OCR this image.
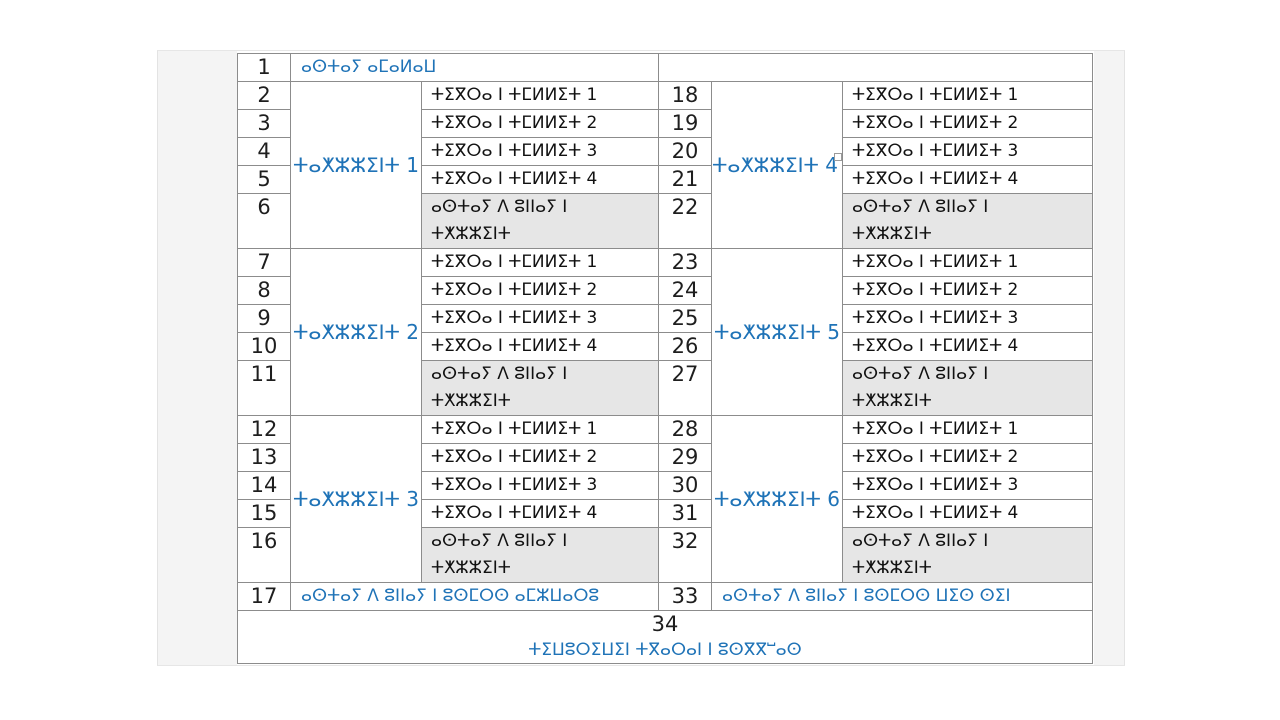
1	ⴰⵙⵜⴰⵢ ⴰⵎⴰⵍⴰⵡ				
2	ⵜⴰⵅⵣⵣⵉⵏⵜ 1	ⵜⵉⴳⵔⴰ ⵏ ⵜⵎⵍⵍⵉⵜ 1	18	ⵜⴰⵅⵣⵣⵉⵏⵜ 4	ⵜⵉⴳⵔⴰ ⵏ ⵜⵎⵍⵍⵉⵜ 1
3		ⵜⵉⴳⵔⴰ ⵏ ⵜⵎⵍⵍⵉⵜ 2	19		ⵜⵉⴳⵔⴰ ⵏ ⵜⵎⵍⵍⵉⵜ 2
4		ⵜⵉⴳⵔⴰ ⵏ ⵜⵎⵍⵍⵉⵜ 3	20		ⵜⵉⴳⵔⴰ ⵏ ⵜⵎⵍⵍⵉⵜ 3
5		ⵜⵉⴳⵔⴰ ⵏ ⵜⵎⵍⵍⵉⵜ 4	21		ⵜⵉⴳⵔⴰ ⵏ ⵜⵎⵍⵍⵉⵜ 4
6		ⴰⵙⵜⴰⵢ ⴷ ⵓⵏⵏⴰⵢ ⵏ
ⵜⵅⵣⵣⵉⵏⵜ	22		ⴰⵙⵜⴰⵢ ⴷ ⵓⵏⵏⴰⵢ ⵏ
ⵜⵅⵣⵣⵉⵏⵜ
7	ⵜⴰⵅⵣⵣⵉⵏⵜ 2	ⵜⵉⴳⵔⴰ ⵏ ⵜⵎⵍⵍⵉⵜ 1	23	ⵜⴰⵅⵣⵣⵉⵏⵜ 5	ⵜⵉⴳⵔⴰ ⵏ ⵜⵎⵍⵍⵉⵜ 1
8		ⵜⵉⴳⵔⴰ ⵏ ⵜⵎⵍⵍⵉⵜ 2	24		ⵜⵉⴳⵔⴰ ⵏ ⵜⵎⵍⵍⵉⵜ 2
9		ⵜⵉⴳⵔⴰ ⵏ ⵜⵎⵍⵍⵉⵜ 3	25		ⵜⵉⴳⵔⴰ ⵏ ⵜⵎⵍⵍⵉⵜ 3
10		ⵜⵉⴳⵔⴰ ⵏ ⵜⵎⵍⵍⵉⵜ 4	26		ⵜⵉⴳⵔⴰ ⵏ ⵜⵎⵍⵍⵉⵜ 4
11		ⴰⵙⵜⴰⵢ ⴷ ⵓⵏⵏⴰⵢ ⵏ
ⵜⵅⵣⵣⵉⵏⵜ	27		ⴰⵙⵜⴰⵢ ⴷ ⵓⵏⵏⴰⵢ ⵏ
ⵜⵅⵣⵣⵉⵏⵜ
12	ⵜⴰⵅⵣⵣⵉⵏⵜ 3	ⵜⵉⴳⵔⴰ ⵏ ⵜⵎⵍⵍⵉⵜ 1	28	ⵜⴰⵅⵣⵣⵉⵏⵜ 6	ⵜⵉⴳⵔⴰ ⵏ ⵜⵎⵍⵍⵉⵜ 1
13		ⵜⵉⴳⵔⴰ ⵏ ⵜⵎⵍⵍⵉⵜ 2	29		ⵜⵉⴳⵔⴰ ⵏ ⵜⵎⵍⵍⵉⵜ 2
14		ⵜⵉⴳⵔⴰ ⵏ ⵜⵎⵍⵍⵉⵜ 3	30		ⵜⵉⴳⵔⴰ ⵏ ⵜⵎⵍⵍⵉⵜ 3
15		ⵜⵉⴳⵔⴰ ⵏ ⵜⵎⵍⵍⵉⵜ 4	31		ⵜⵉⴳⵔⴰ ⵏ ⵜⵎⵍⵍⵉⵜ 4
16		ⴰⵙⵜⴰⵢ ⴷ ⵓⵏⵏⴰⵢ ⵏ
ⵜⵅⵣⵣⵉⵏⵜ	32		ⴰⵙⵜⴰⵢ ⴷ ⵓⵏⵏⴰⵢ ⵏ
ⵜⵅⵣⵣⵉⵏⵜ
17	ⴰⵙⵜⴰⵢ ⴷ ⵓⵏⵏⴰⵢ ⵏ ⵓⵙⵎⵔⵙ ⴰⵎⵣⵡⴰⵔⵓ		33	ⴰⵙⵜⴰⵢ ⴷ ⵓⵏⵏⴰⵢ ⵏ ⵓⵙⵎⵔⵙ ⵡⵉⵙ ⵙⵉⵏ	

34
ⵜⵉⵡⵓⵔⵉⵡⵉⵏ ⵜⴳⴰⵔⴰⵏ ⵏ ⵓⵙⴳⴳⵯⴰⵙ					
